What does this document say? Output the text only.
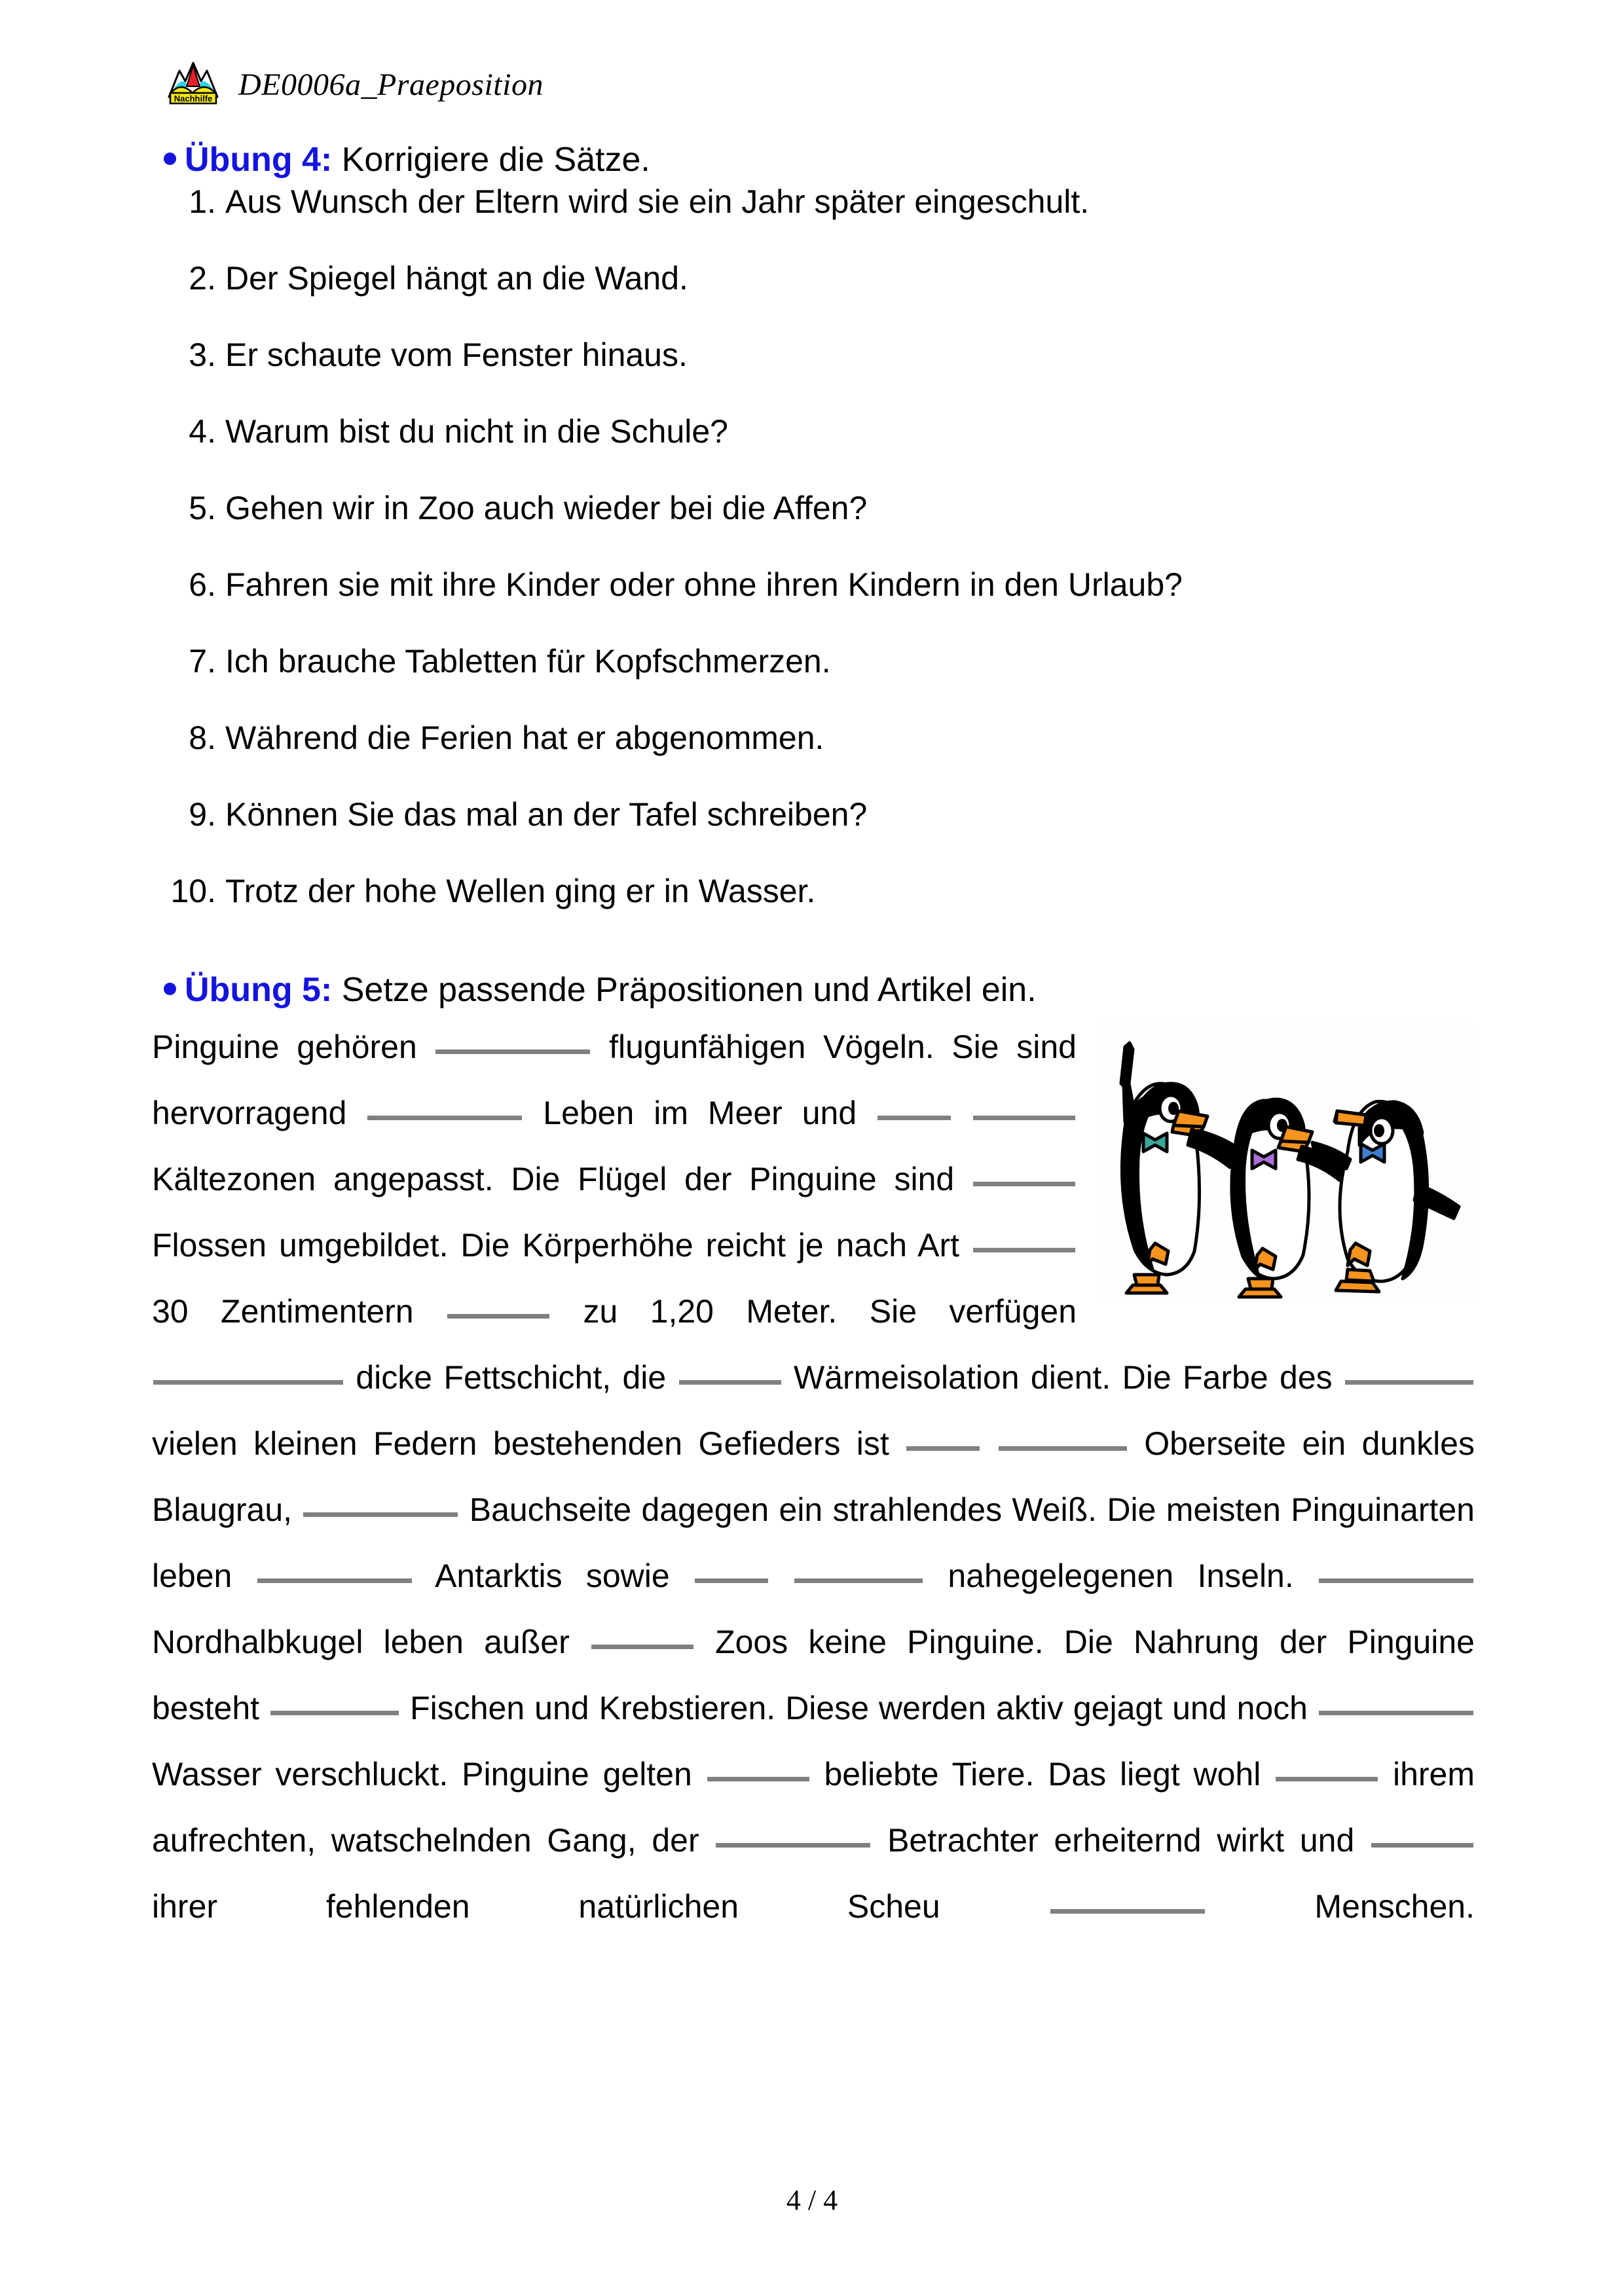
Nachhilfe DE0006a_Praeposition

Übung 4: Korrigiere die Sätze.

1. Aus Wunsch der Eltern wird sie ein Jahr später eingeschult.
2. Der Spiegel hängt an die Wand.
3. Er schaute vom Fenster hinaus.
4. Warum bist du nicht in die Schule?
5. Gehen wir in Zoo auch wieder bei die Affen?
6. Fahren sie mit ihre Kinder oder ohne ihren Kindern in den Urlaub?
7. Ich brauche Tabletten für Kopfschmerzen.
8. Während die Ferien hat er abgenommen.
9. Können Sie das mal an der Tafel schreiben?
10. Trotz der hohe Wellen ging er in Wasser.

Übung 5: Setze passende Präpositionen und Artikel ein.

Pinguine gehören	flugunfähigen Vögeln. Sie sind hervorragend	Leben im Meer und   Kältezonen angepasst. Die Flügel der Pinguine sind  Flossen umgebildet. Die Körperhöhe reicht je nach Art  30 Zentimentern	zu 1,20 Meter. Sie verfügen  dicke Fettschicht, die	Wärmeisolation dient. Die Farbe des  vielen kleinen Federn bestehenden Gefieders ist	Oberseite ein dunkles Blaugrau,	Bauchseite dagegen ein strahlendes Weiß. Die meisten Pinguinarten leben	Antarktis sowie	nahegelegenen Inseln.  Nordhalbkugel leben außer	Zoos keine Pinguine. Die Nahrung der Pinguine besteht	Fischen und Krebstieren. Diese werden aktiv gejagt und noch  Wasser verschluckt. Pinguine gelten	beliebte Tiere. Das liegt wohl	ihrem aufrechten, watschelnden Gang, der	Betrachter erheiternd wirkt und  ihrer fehlenden natürlichen Scheu	Menschen.

4 / 4
